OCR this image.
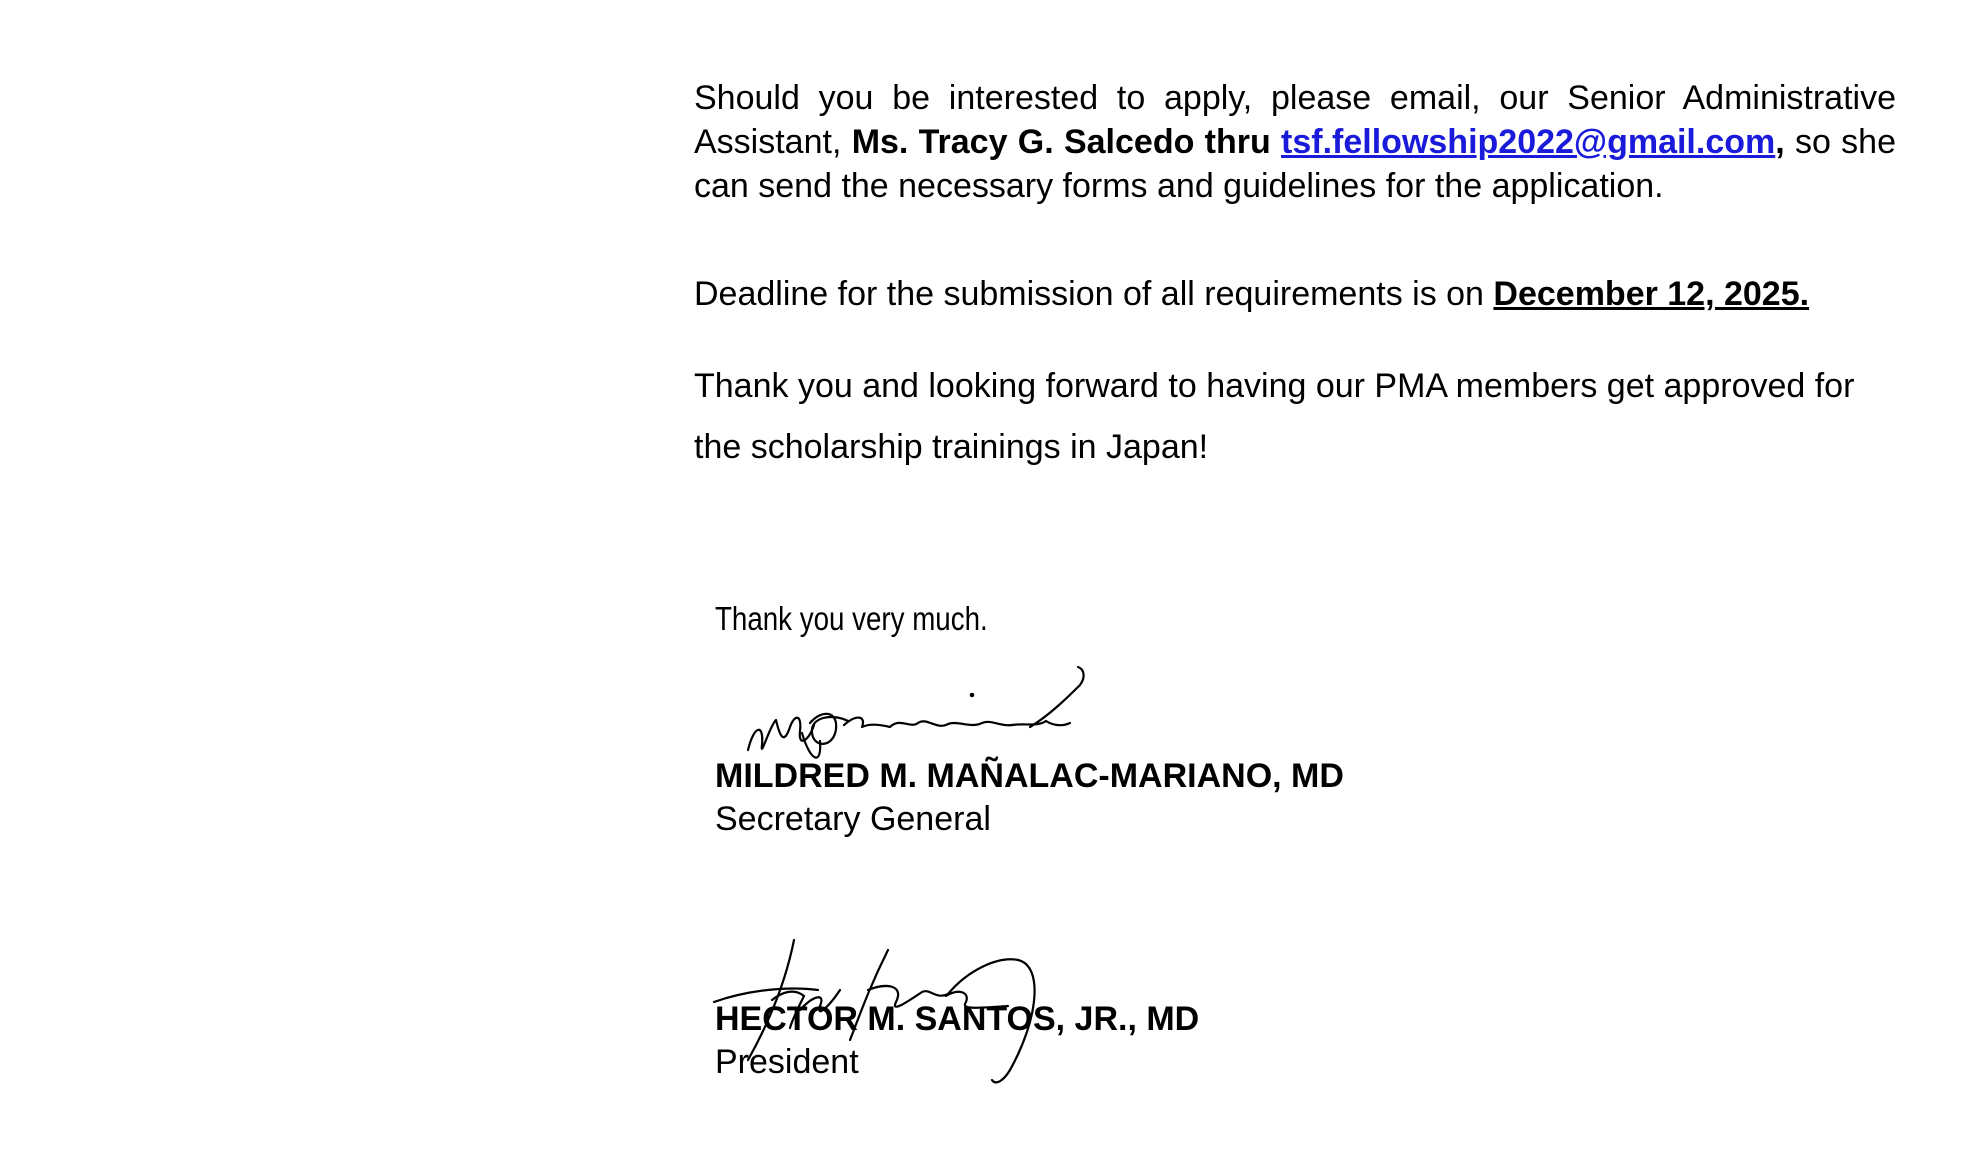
Should you be interested to apply, please email, our Senior Administrative Assistant, Ms. Tracy G. Salcedo thru tsf.fellowship2022@gmail.com, so she can send the necessary forms and guidelines for the application.

Deadline for the submission of all requirements is on December 12, 2025.

Thank you and looking forward to having our PMA members get approved for the scholarship trainings in Japan!

Thank you very much.
MILDRED M. MAÑALAC-MARIANO, MD
Secretary General
HECTOR M. SANTOS, JR., MD
President
